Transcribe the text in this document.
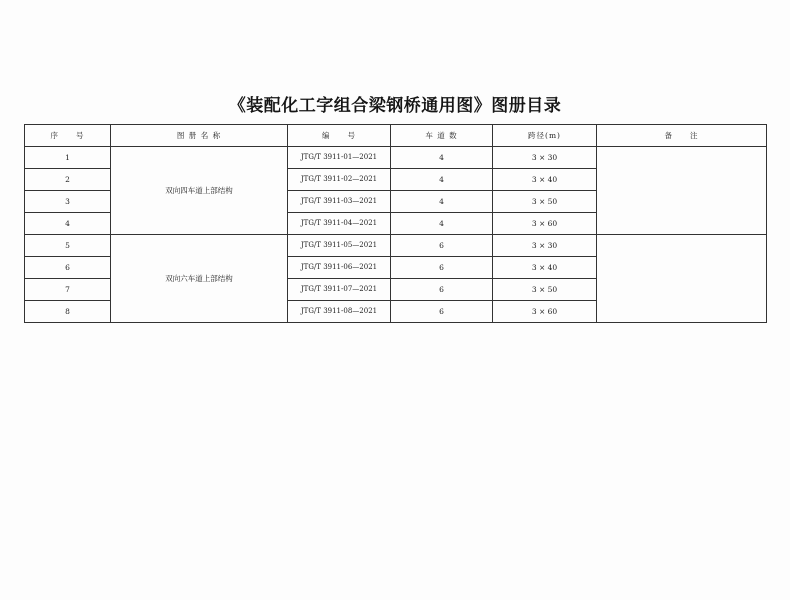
《装配化工字组合梁钢桥通用图》图册目录
序　　号	图 册 名 称	编　　号	车 道 数	跨径(m)	备　　注
1	双向四车道上部结构	JTG/T 3911-01—2021	4	3 × 30	
2		JTG/T 3911-02—2021	4	3 × 40	
3		JTG/T 3911-03—2021	4	3 × 50	
4		JTG/T 3911-04—2021	4	3 × 60	
5	双向六车道上部结构	JTG/T 3911-05—2021	6	3 × 30	
6		JTG/T 3911-06—2021	6	3 × 40	
7		JTG/T 3911-07—2021	6	3 × 50	
8		JTG/T 3911-08—2021	6	3 × 60	
